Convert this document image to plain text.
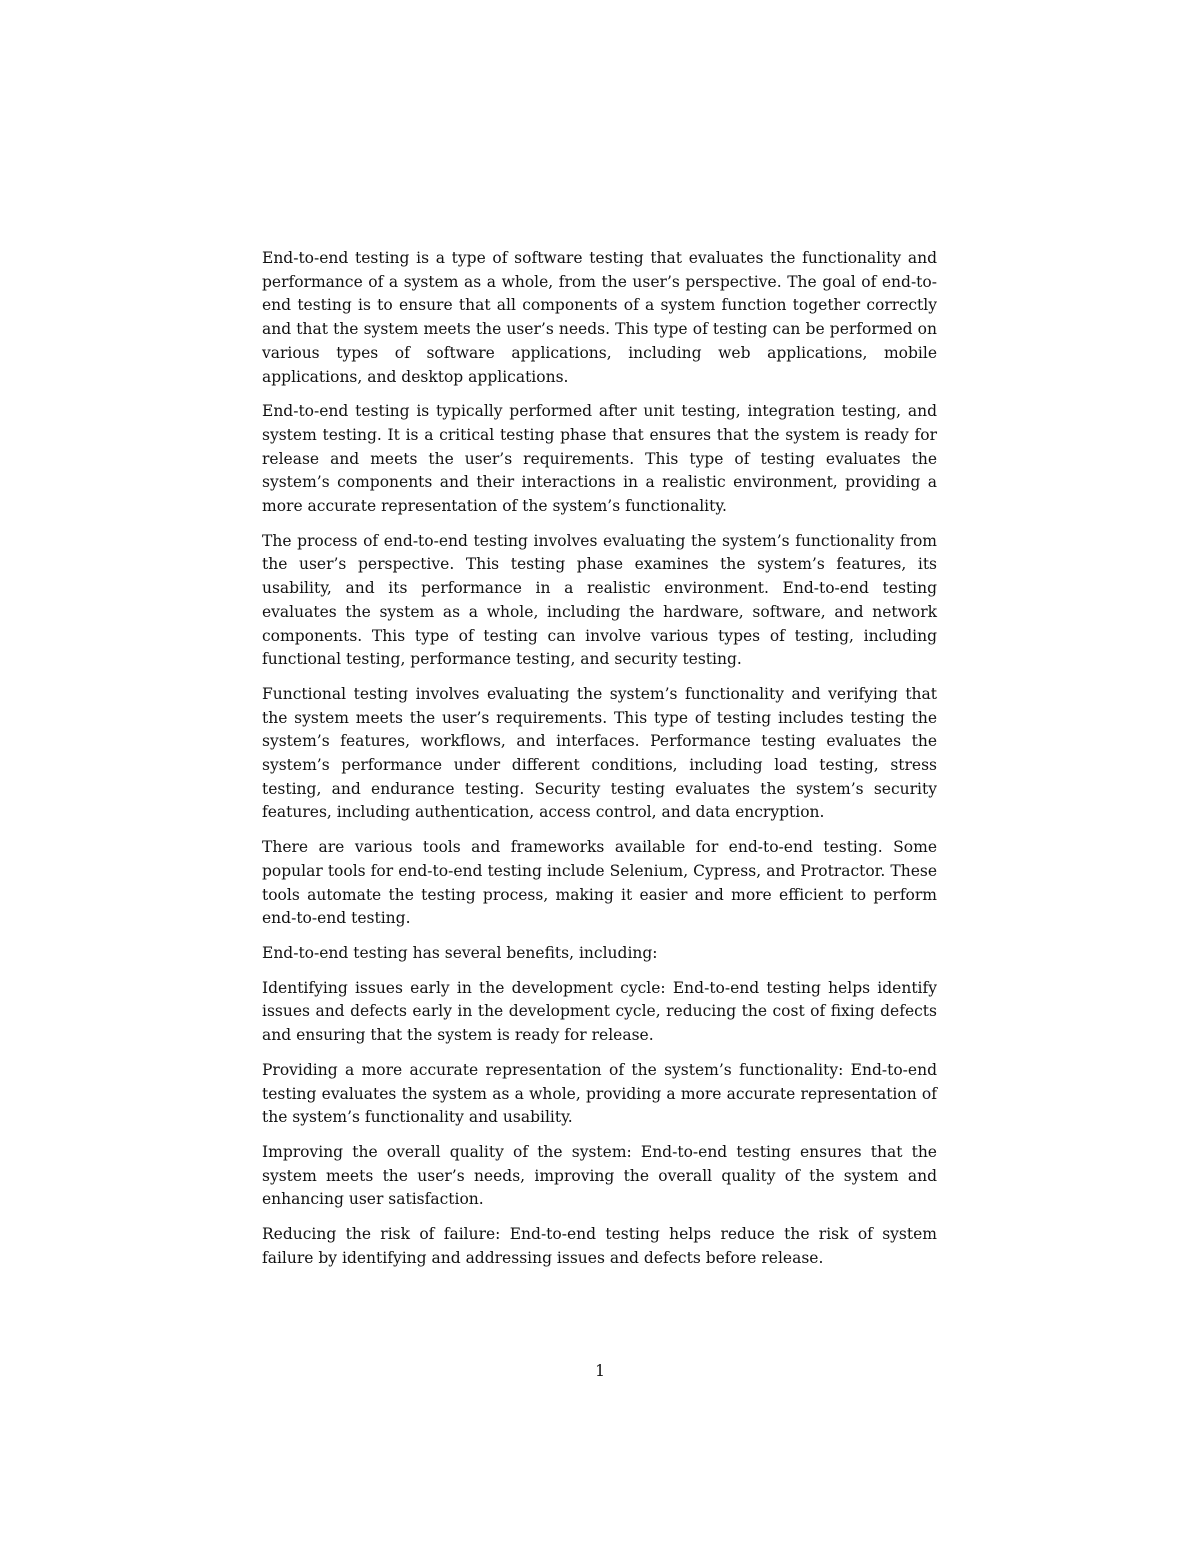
End-to-end testing is a type of software testing that evaluates the functionality and performance of a system as a whole, from the user’s perspective. The goal of end-to-end testing is to ensure that all components of a system function together correctly and that the system meets the user’s needs. This type of testing can be performed on various types of software applications, including web applications, mobile applications, and desktop applications.

End-to-end testing is typically performed after unit testing, integration testing, and system testing. It is a critical testing phase that ensures that the system is ready for release and meets the user’s requirements. This type of testing evaluates the system’s components and their interactions in a realistic environment, providing a more accurate representation of the system’s functionality.

The process of end-to-end testing involves evaluating the system’s functionality from the user’s perspective. This testing phase examines the system’s features, its usability, and its performance in a realistic environment. End-to-end testing evaluates the system as a whole, including the hardware, software, and network components. This type of testing can involve various types of testing, including functional testing, performance testing, and security testing.

Functional testing involves evaluating the system’s functionality and verifying that the system meets the user’s requirements. This type of testing includes testing the system’s features, workflows, and interfaces. Performance testing evaluates the system’s performance under different conditions, including load testing, stress testing, and endurance testing. Security testing evaluates the system’s security features, including authentication, access control, and data encryption.

There are various tools and frameworks available for end-to-end testing. Some popular tools for end-to-end testing include Selenium, Cypress, and Protractor. These tools automate the testing process, making it easier and more efficient to perform end-to-end testing.

End-to-end testing has several benefits, including:

Identifying issues early in the development cycle: End-to-end testing helps identify issues and defects early in the development cycle, reducing the cost of fixing defects and ensuring that the system is ready for release.

Providing a more accurate representation of the system’s functionality: End-to-end testing evaluates the system as a whole, providing a more accurate representation of the system’s functionality and usability.

Improving the overall quality of the system: End-to-end testing ensures that the system meets the user’s needs, improving the overall quality of the system and enhancing user satisfaction.

Reducing the risk of failure: End-to-end testing helps reduce the risk of system failure by identifying and addressing issues and defects before release.

1
